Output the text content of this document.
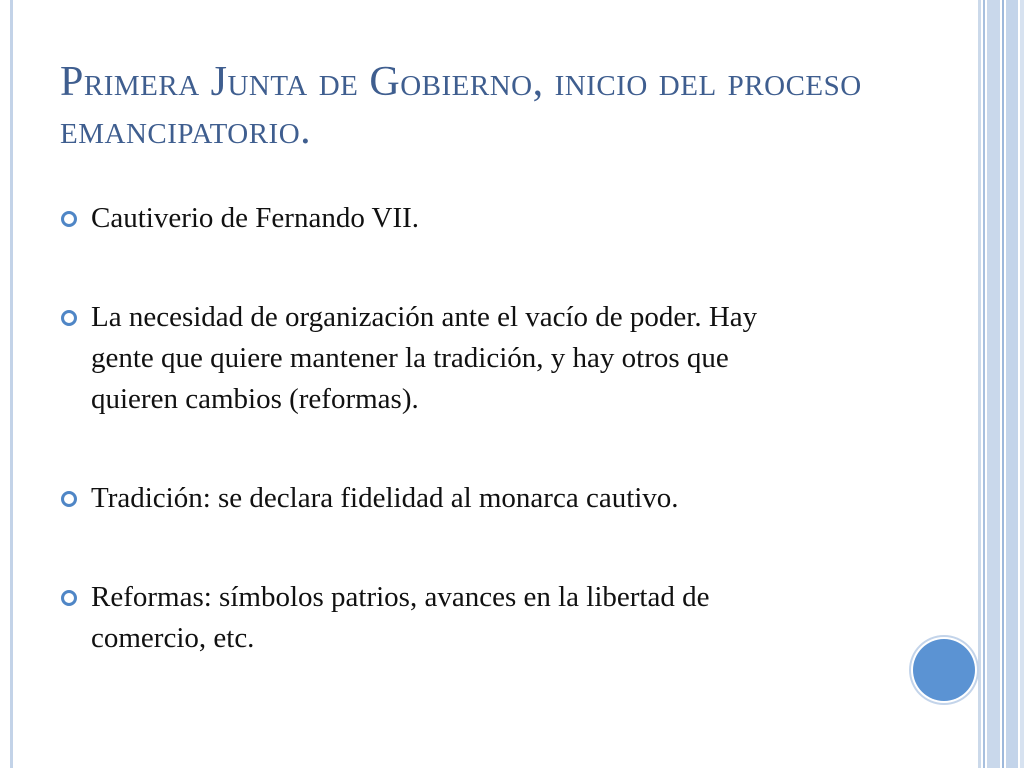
Primera Junta de Gobierno, inicio del proceso emancipatorio.
Cautiverio de Fernando VII.
La necesidad de organización ante el vacío de poder. Hay gente que quiere mantener la tradición, y hay otros que quieren cambios (reformas).
Tradición: se declara fidelidad al monarca cautivo.
Reformas: símbolos patrios, avances en la libertad de comercio, etc.
